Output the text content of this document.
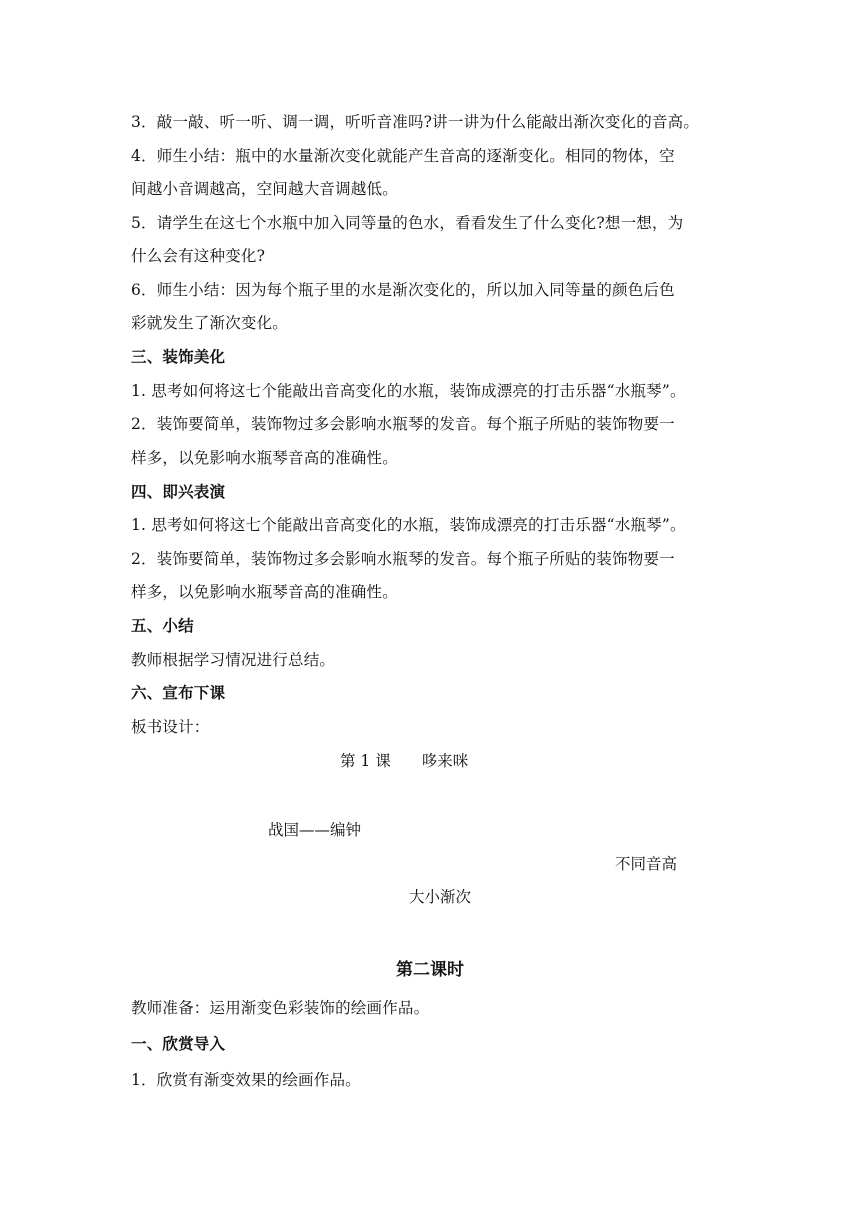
3．敲一敲、听一听、调一调，听听音准吗?讲一讲为什么能敲出渐次变化的音高。
4．师生小结：瓶中的水量渐次变化就能产生音高的逐渐变化。相同的物体，空
间越小音调越高，空间越大音调越低。
5．请学生在这七个水瓶中加入同等量的色水，看看发生了什么变化?想一想，为
什么会有这种变化?
6．师生小结：因为每个瓶子里的水是渐次变化的，所以加入同等量的颜色后色
彩就发生了渐次变化。
三、装饰美化
1. 思考如何将这七个能敲出音高变化的水瓶，装饰成漂亮的打击乐器“水瓶琴”。
2．装饰要简单，装饰物过多会影响水瓶琴的发音。每个瓶子所贴的装饰物要一
样多，以免影响水瓶琴音高的准确性。
四、即兴表演
1. 思考如何将这七个能敲出音高变化的水瓶，装饰成漂亮的打击乐器“水瓶琴”。
2．装饰要简单，装饰物过多会影响水瓶琴的发音。每个瓶子所贴的装饰物要一
样多，以免影响水瓶琴音高的准确性。
五、小结
教师根据学习情况进行总结。
六、宣布下课
板书设计：
第 1 课　　哆来咪
战国——编钟
不同音高
大小渐次
第二课时
教师准备：运用渐变色彩装饰的绘画作品。
一、欣赏导入
1．欣赏有渐变效果的绘画作品。
